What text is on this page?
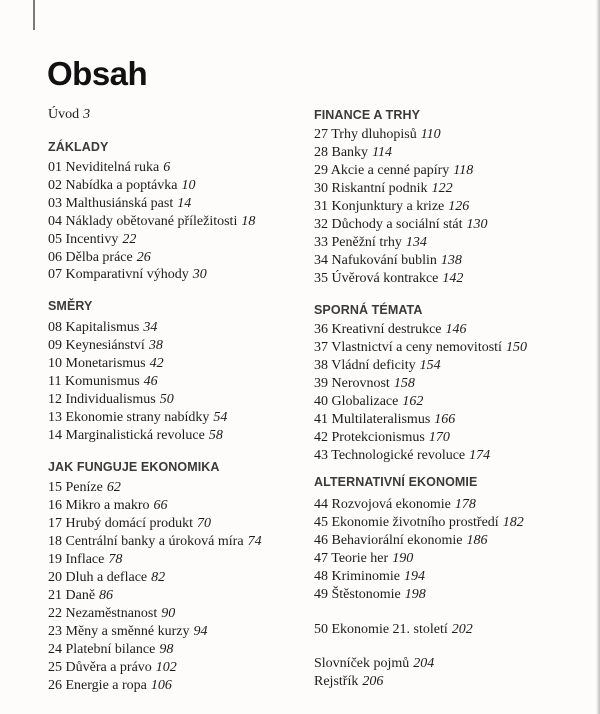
Obsah
Úvod 3
ZÁKLADY
01 Neviditelná ruka 6
02 Nabídka a poptávka 10
03 Malthusiánská past 14
04 Náklady obětované příležitosti 18
05 Incentivy 22
06 Dělba práce 26
07 Komparativní výhody 30
SMĚRY
08 Kapitalismus 34
09 Keynesiánství 38
10 Monetarismus 42
11 Komunismus 46
12 Individualismus 50
13 Ekonomie strany nabídky 54
14 Marginalistická revoluce 58
JAK FUNGUJE EKONOMIKA
15 Peníze 62
16 Mikro a makro 66
17 Hrubý domácí produkt 70
18 Centrální banky a úroková míra 74
19 Inflace 78
20 Dluh a deflace 82
21 Daně 86
22 Nezaměstnanost 90
23 Měny a směnné kurzy 94
24 Platební bilance 98
25 Důvěra a právo 102
26 Energie a ropa 106
FINANCE A TRHY
27 Trhy dluhopisů 110
28 Banky 114
29 Akcie a cenné papíry 118
30 Riskantní podnik 122
31 Konjunktury a krize 126
32 Důchody a sociální stát 130
33 Peněžní trhy 134
34 Nafukování bublin 138
35 Úvěrová kontrakce 142
SPORNÁ TÉMATA
36 Kreativní destrukce 146
37 Vlastnictví a ceny nemovitostí 150
38 Vládní deficity 154
39 Nerovnost 158
40 Globalizace 162
41 Multilateralismus 166
42 Protekcionismus 170
43 Technologické revoluce 174
ALTERNATIVNÍ EKONOMIE
44 Rozvojová ekonomie 178
45 Ekonomie životního prostředí 182
46 Behaviorální ekonomie 186
47 Teorie her 190
48 Kriminomie 194
49 Štěstonomie 198
50 Ekonomie 21. století 202
Slovníček pojmů 204
Rejstřík 206
